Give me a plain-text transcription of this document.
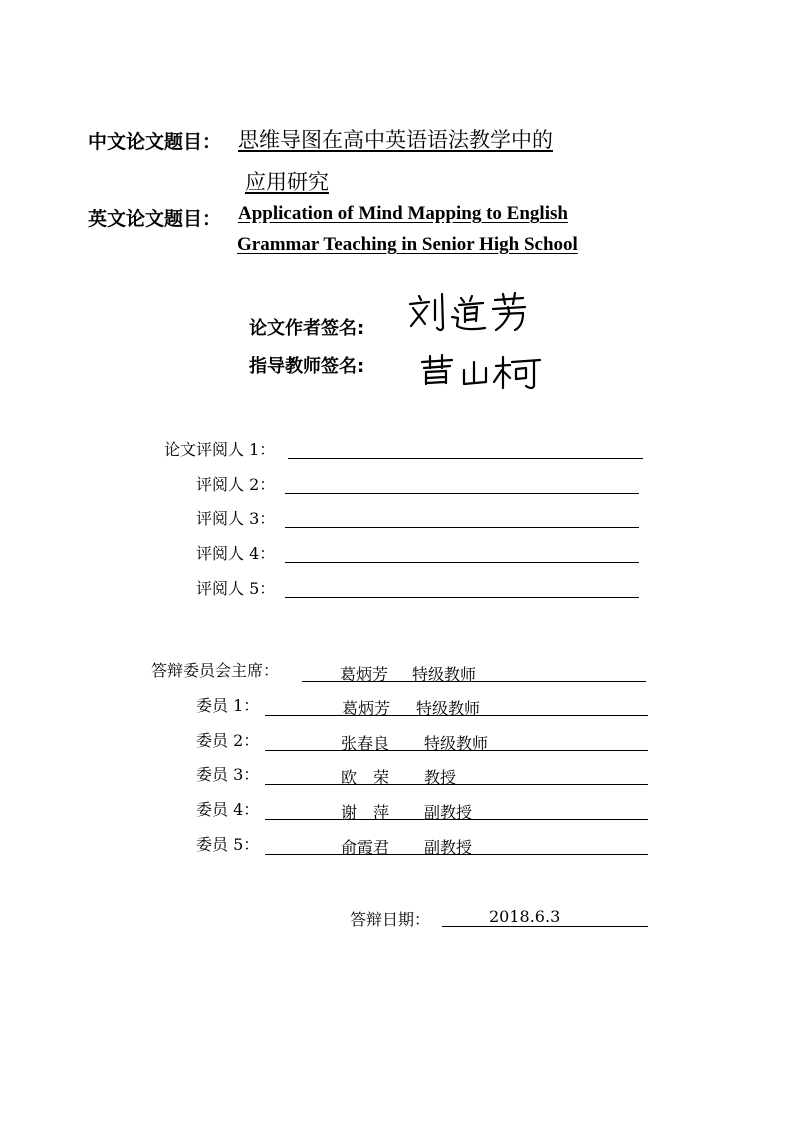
中文论文题目： 思维导图在高中英语语法教学中的
应用研究
英文论文题目： Application of Mind Mapping to English
Grammar Teaching in Senior High School
论文作者签名:
指导教师签名:
论文评阅人 1：
评阅人 2：
评阅人 3：
评阅人 4：
评阅人 5：
答辩委员会主席：	葛炳芳 特级教师
委员 1：	葛炳芳 特级教师
委员 2：	张春良 特级教师
委员 3：	欧　荣 教授
委员 4：	谢　萍 副教授
委员 5：	俞霞君 副教授
答辩日期：	2018.6.3
